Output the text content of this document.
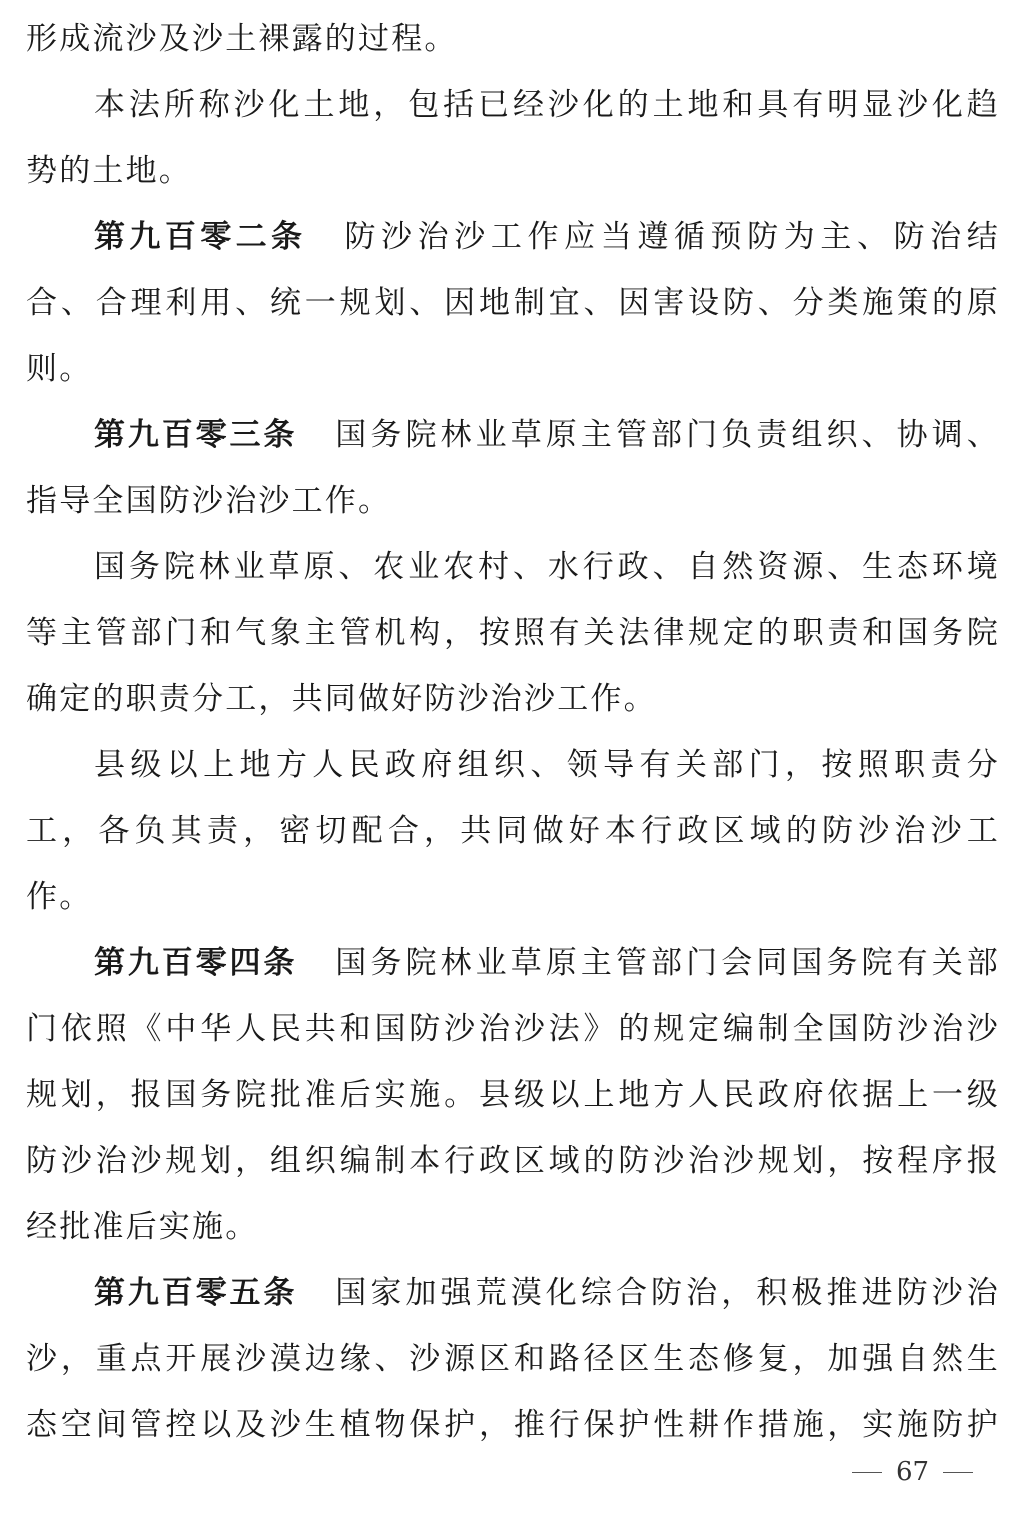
形成流沙及沙土裸露的过程。
本法所称沙化土地，包括已经沙化的土地和具有明显沙化趋
势的土地。
第九百零二条 防沙治沙工作应当遵循预防为主、防治结
合、合理利用、统一规划、因地制宜、因害设防、分类施策的原
则。
第九百零三条 国务院林业草原主管部门负责组织、协调、
指导全国防沙治沙工作。
国务院林业草原、农业农村、水行政、自然资源、生态环境
等主管部门和气象主管机构，按照有关法律规定的职责和国务院
确定的职责分工，共同做好防沙治沙工作。
县级以上地方人民政府组织、领导有关部门，按照职责分
工，各负其责，密切配合，共同做好本行政区域的防沙治沙工
作。
第九百零四条 国务院林业草原主管部门会同国务院有关部
门依照《中华人民共和国防沙治沙法》的规定编制全国防沙治沙
规划，报国务院批准后实施。县级以上地方人民政府依据上一级
防沙治沙规划，组织编制本行政区域的防沙治沙规划，按程序报
经批准后实施。
第九百零五条 国家加强荒漠化综合防治，积极推进防沙治
沙，重点开展沙漠边缘、沙源区和路径区生态修复，加强自然生
态空间管控以及沙生植物保护，推行保护性耕作措施，实施防护
67
